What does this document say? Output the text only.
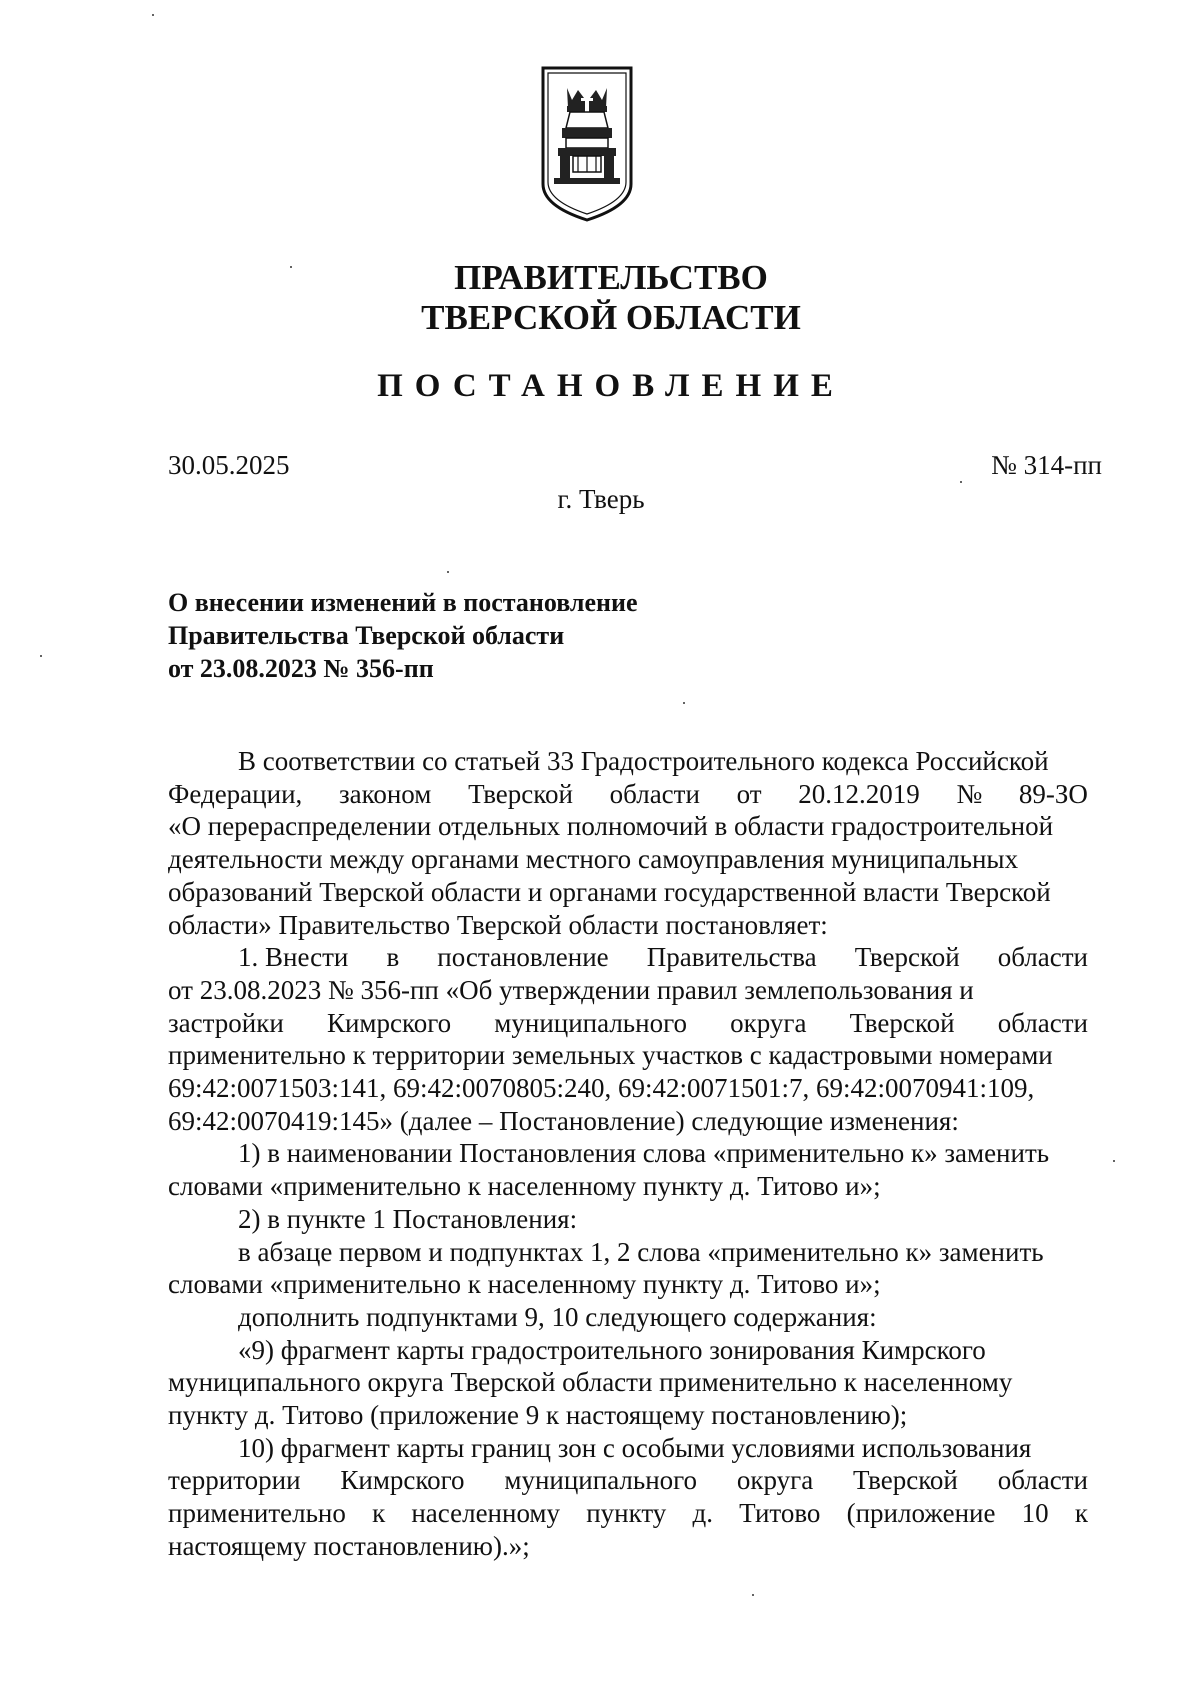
ПРАВИТЕЛЬСТВО
ТВЕРСКОЙ ОБЛАСТИ
ПОСТАНОВЛЕНИЕ
30.05.2025	№ 314-пп
г. Тверь
О внесении изменений в постановление
Правительства Тверской области
от 23.08.2023 № 356-пп
В соответствии со статьей 33 Градостроительного кодекса Российской
Федерации, законом Тверской области от 20.12.2019 № 89-ЗО
«О перераспределении отдельных полномочий в области градостроительной
деятельности между органами местного самоуправления муниципальных
образований Тверской области и органами государственной власти Тверской
области» Правительство Тверской области постановляет:
1. Внести в постановление Правительства Тверской области
от 23.08.2023 № 356-пп «Об утверждении правил землепользования и
застройки Кимрского муниципального округа Тверской области
применительно к территории земельных участков с кадастровыми номерами
69:42:0071503:141, 69:42:0070805:240, 69:42:0071501:7, 69:42:0070941:109,
69:42:0070419:145» (далее – Постановление) следующие изменения:
1) в наименовании Постановления слова «применительно к» заменить
словами «применительно к населенному пункту д. Титово и»;
2) в пункте 1 Постановления:
в абзаце первом и подпунктах 1, 2 слова «применительно к» заменить
словами «применительно к населенному пункту д. Титово и»;
дополнить подпунктами 9, 10 следующего содержания:
«9) фрагмент карты градостроительного зонирования Кимрского
муниципального округа Тверской области применительно к населенному
пункту д. Титово (приложение 9 к настоящему постановлению);
10) фрагмент карты границ зон с особыми условиями использования
территории Кимрского муниципального округа Тверской области
применительно к населенному пункту д. Титово (приложение 10 к
настоящему постановлению).»;
